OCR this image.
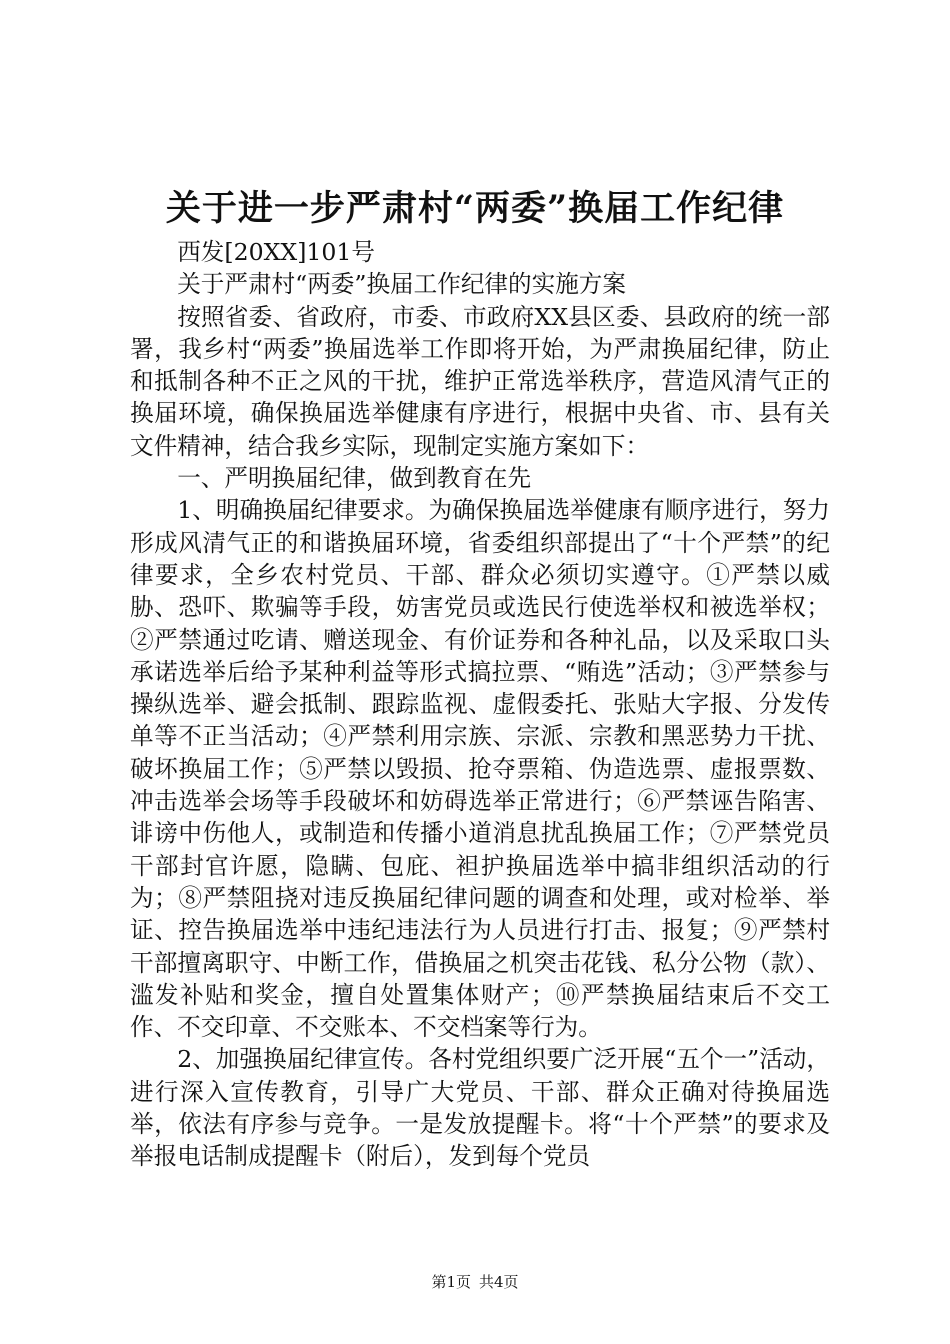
关于进一步严肃村“两委”换届工作纪律

西发[20XX]101号

关于严肃村“两委”换届工作纪律的实施方案

按照省委、省政府，市委、市政府XX县区委、县政府的统一部署，我乡村“两委”换届选举工作即将开始，为严肃换届纪律，防止和抵制各种不正之风的干扰，维护正常选举秩序，营造风清气正的换届环境，确保换届选举健康有序进行，根据中央省、市、县有关文件精神，结合我乡实际，现制定实施方案如下：

一、严明换届纪律，做到教育在先

1、明确换届纪律要求。为确保换届选举健康有顺序进行，努力形成风清气正的和谐换届环境，省委组织部提出了“十个严禁”的纪律要求，全乡农村党员、干部、群众必须切实遵守。①严禁以威胁、恐吓、欺骗等手段，妨害党员或选民行使选举权和被选举权；②严禁通过吃请、赠送现金、有价证券和各种礼品，以及采取口头承诺选举后给予某种利益等形式搞拉票、“贿选”活动；③严禁参与操纵选举、避会抵制、跟踪监视、虚假委托、张贴大字报、分发传单等不正当活动；④严禁利用宗族、宗派、宗教和黑恶势力干扰、破坏换届工作；⑤严禁以毁损、抢夺票箱、伪造选票、虚报票数、冲击选举会场等手段破坏和妨碍选举正常进行；⑥严禁诬告陷害、诽谤中伤他人，或制造和传播小道消息扰乱换届工作；⑦严禁党员干部封官许愿，隐瞒、包庇、袒护换届选举中搞非组织活动的行为；⑧严禁阻挠对违反换届纪律问题的调查和处理，或对检举、举证、控告换届选举中违纪违法行为人员进行打击、报复；⑨严禁村干部擅离职守、中断工作，借换届之机突击花钱、私分公物（款）、滥发补贴和奖金，擅自处置集体财产；⑩严禁换届结束后不交工作、不交印章、不交账本、不交档案等行为。

2、加强换届纪律宣传。各村党组织要广泛开展“五个一”活动，进行深入宣传教育，引导广大党员、干部、群众正确对待换届选举，依法有序参与竞争。一是发放提醒卡。将“十个严禁”的要求及举报电话制成提醒卡（附后），发到每个党员

第1页 共4页
